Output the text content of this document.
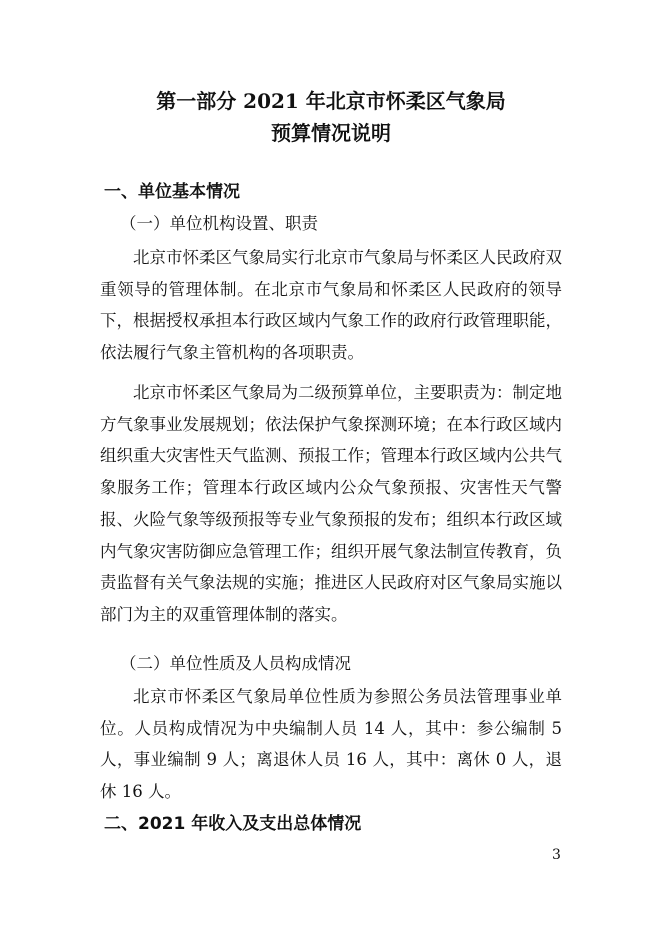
第一部分 2021 年北京市怀柔区气象局
预算情况说明
一、单位基本情况
（一）单位机构设置、职责

北京市怀柔区气象局实行北京市气象局与怀柔区人民政府双重领导的管理体制。在北京市气象局和怀柔区人民政府的领导下，根据授权承担本行政区域内气象工作的政府行政管理职能，依法履行气象主管机构的各项职责。

北京市怀柔区气象局为二级预算单位，主要职责为：制定地方气象事业发展规划；依法保护气象探测环境；在本行政区域内组织重大灾害性天气监测、预报工作；管理本行政区域内公共气象服务工作；管理本行政区域内公众气象预报、灾害性天气警报、火险气象等级预报等专业气象预报的发布；组织本行政区域内气象灾害防御应急管理工作；组织开展气象法制宣传教育，负责监督有关气象法规的实施；推进区人民政府对区气象局实施以部门为主的双重管理体制的落实。

（二）单位性质及人员构成情况

北京市怀柔区气象局单位性质为参照公务员法管理事业单位。人员构成情况为中央编制人员 14 人，其中：参公编制 5 人，事业编制 9 人；离退休人员 16 人，其中：离休 0 人，退休 16 人。

二、2021 年收入及支出总体情况
3
